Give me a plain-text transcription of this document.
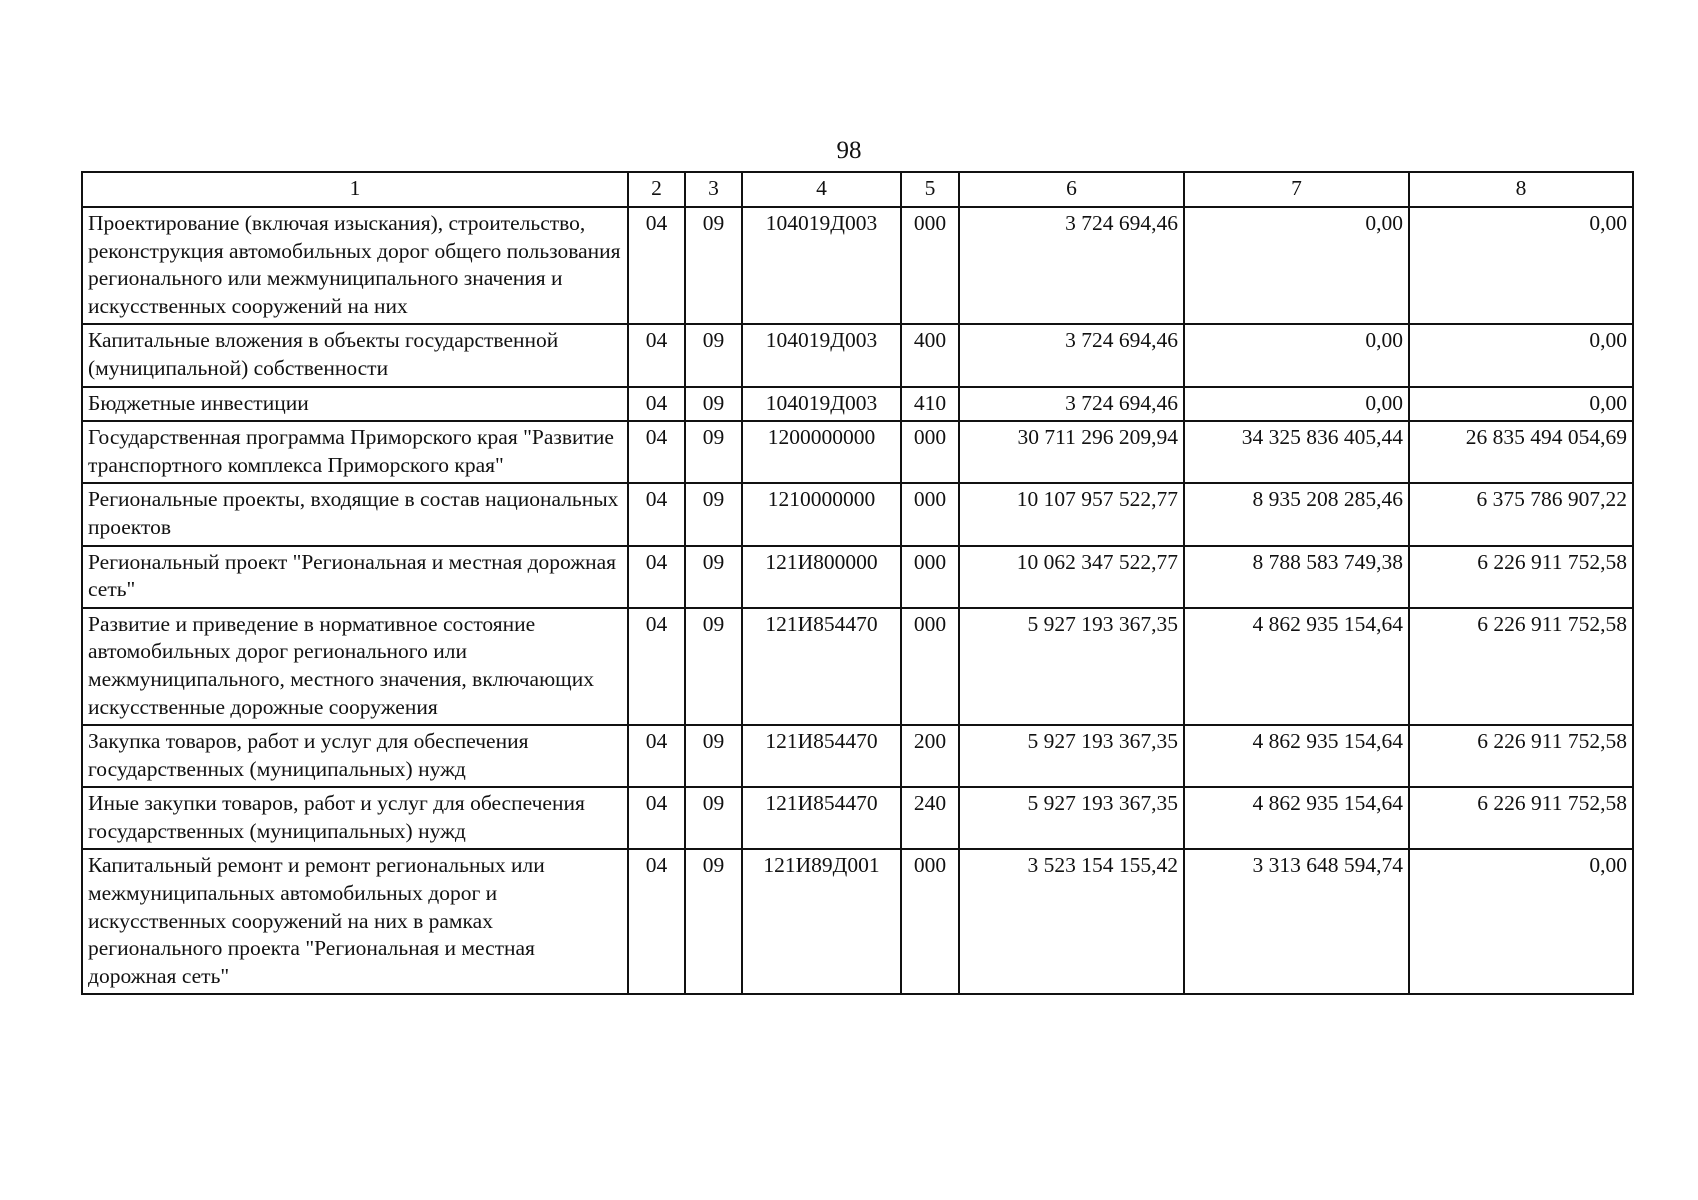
98
1	2	3	4	5	6	7	8
Проектирование (включая изыскания), строительство, реконструкция автомобильных дорог общего пользования регионального или межмуниципального значения и искусственных сооружений на них	04	09	104019Д003	000	3 724 694,46	0,00	0,00
Капитальные вложения в объекты государственной (муниципальной) собственности	04	09	104019Д003	400	3 724 694,46	0,00	0,00
Бюджетные инвестиции	04	09	104019Д003	410	3 724 694,46	0,00	0,00
Государственная программа Приморского края "Развитие транспортного комплекса Приморского края"	04	09	1200000000	000	30 711 296 209,94	34 325 836 405,44	26 835 494 054,69
Региональные проекты, входящие в состав национальных проектов	04	09	1210000000	000	10 107 957 522,77	8 935 208 285,46	6 375 786 907,22
Региональный проект "Региональная и местная дорожная сеть"	04	09	121И800000	000	10 062 347 522,77	8 788 583 749,38	6 226 911 752,58
Развитие и приведение в нормативное состояние автомобильных дорог регионального или межмуниципального, местного значения, включающих искусственные дорожные сооружения	04	09	121И854470	000	5 927 193 367,35	4 862 935 154,64	6 226 911 752,58
Закупка товаров, работ и услуг для обеспечения государственных (муниципальных) нужд	04	09	121И854470	200	5 927 193 367,35	4 862 935 154,64	6 226 911 752,58
Иные закупки товаров, работ и услуг для обеспечения государственных (муниципальных) нужд	04	09	121И854470	240	5 927 193 367,35	4 862 935 154,64	6 226 911 752,58
Капитальный ремонт и ремонт региональных или межмуниципальных автомобильных дорог и искусственных сооружений на них в рамках регионального проекта "Региональная и местная дорожная сеть"	04	09	121И89Д001	000	3 523 154 155,42	3 313 648 594,74	0,00
